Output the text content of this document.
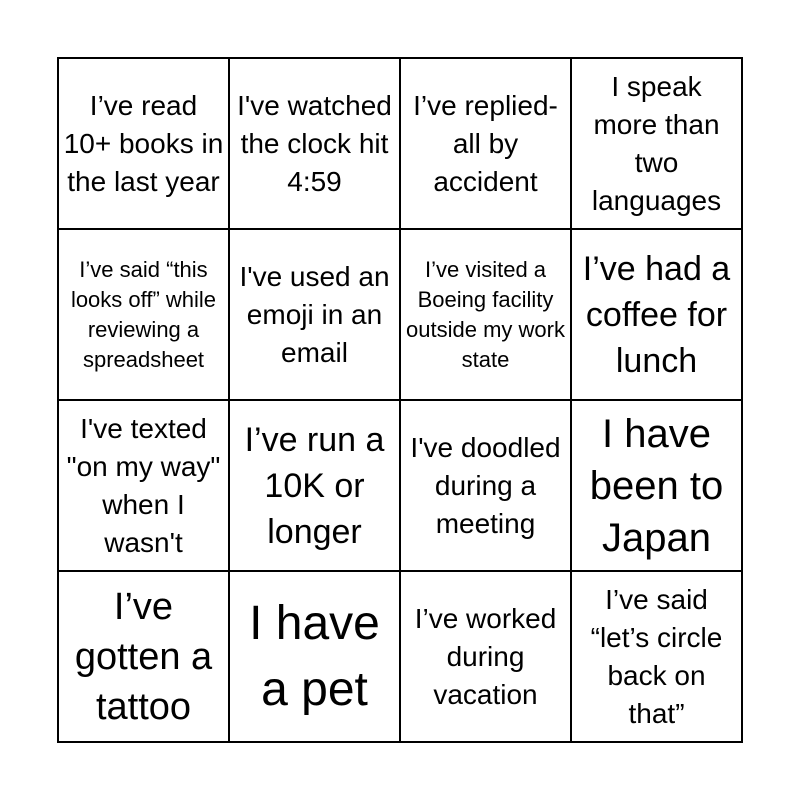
I’ve read 10+ books in the last year
I've watched the clock hit 4:59
I’ve replied-all by accident
I speak more than two languages
I’ve said “this looks off” while reviewing a spreadsheet
I've used an emoji in an email
I’ve visited a Boeing facility outside my work state
I’ve had a coffee for lunch
I've texted "on my way" when I wasn't
I’ve run a 10K or longer
I've doodled during a meeting
I have been to Japan
I’ve gotten a tattoo
I have a pet
I’ve worked during vacation
I’ve said “let’s circle back on that”
